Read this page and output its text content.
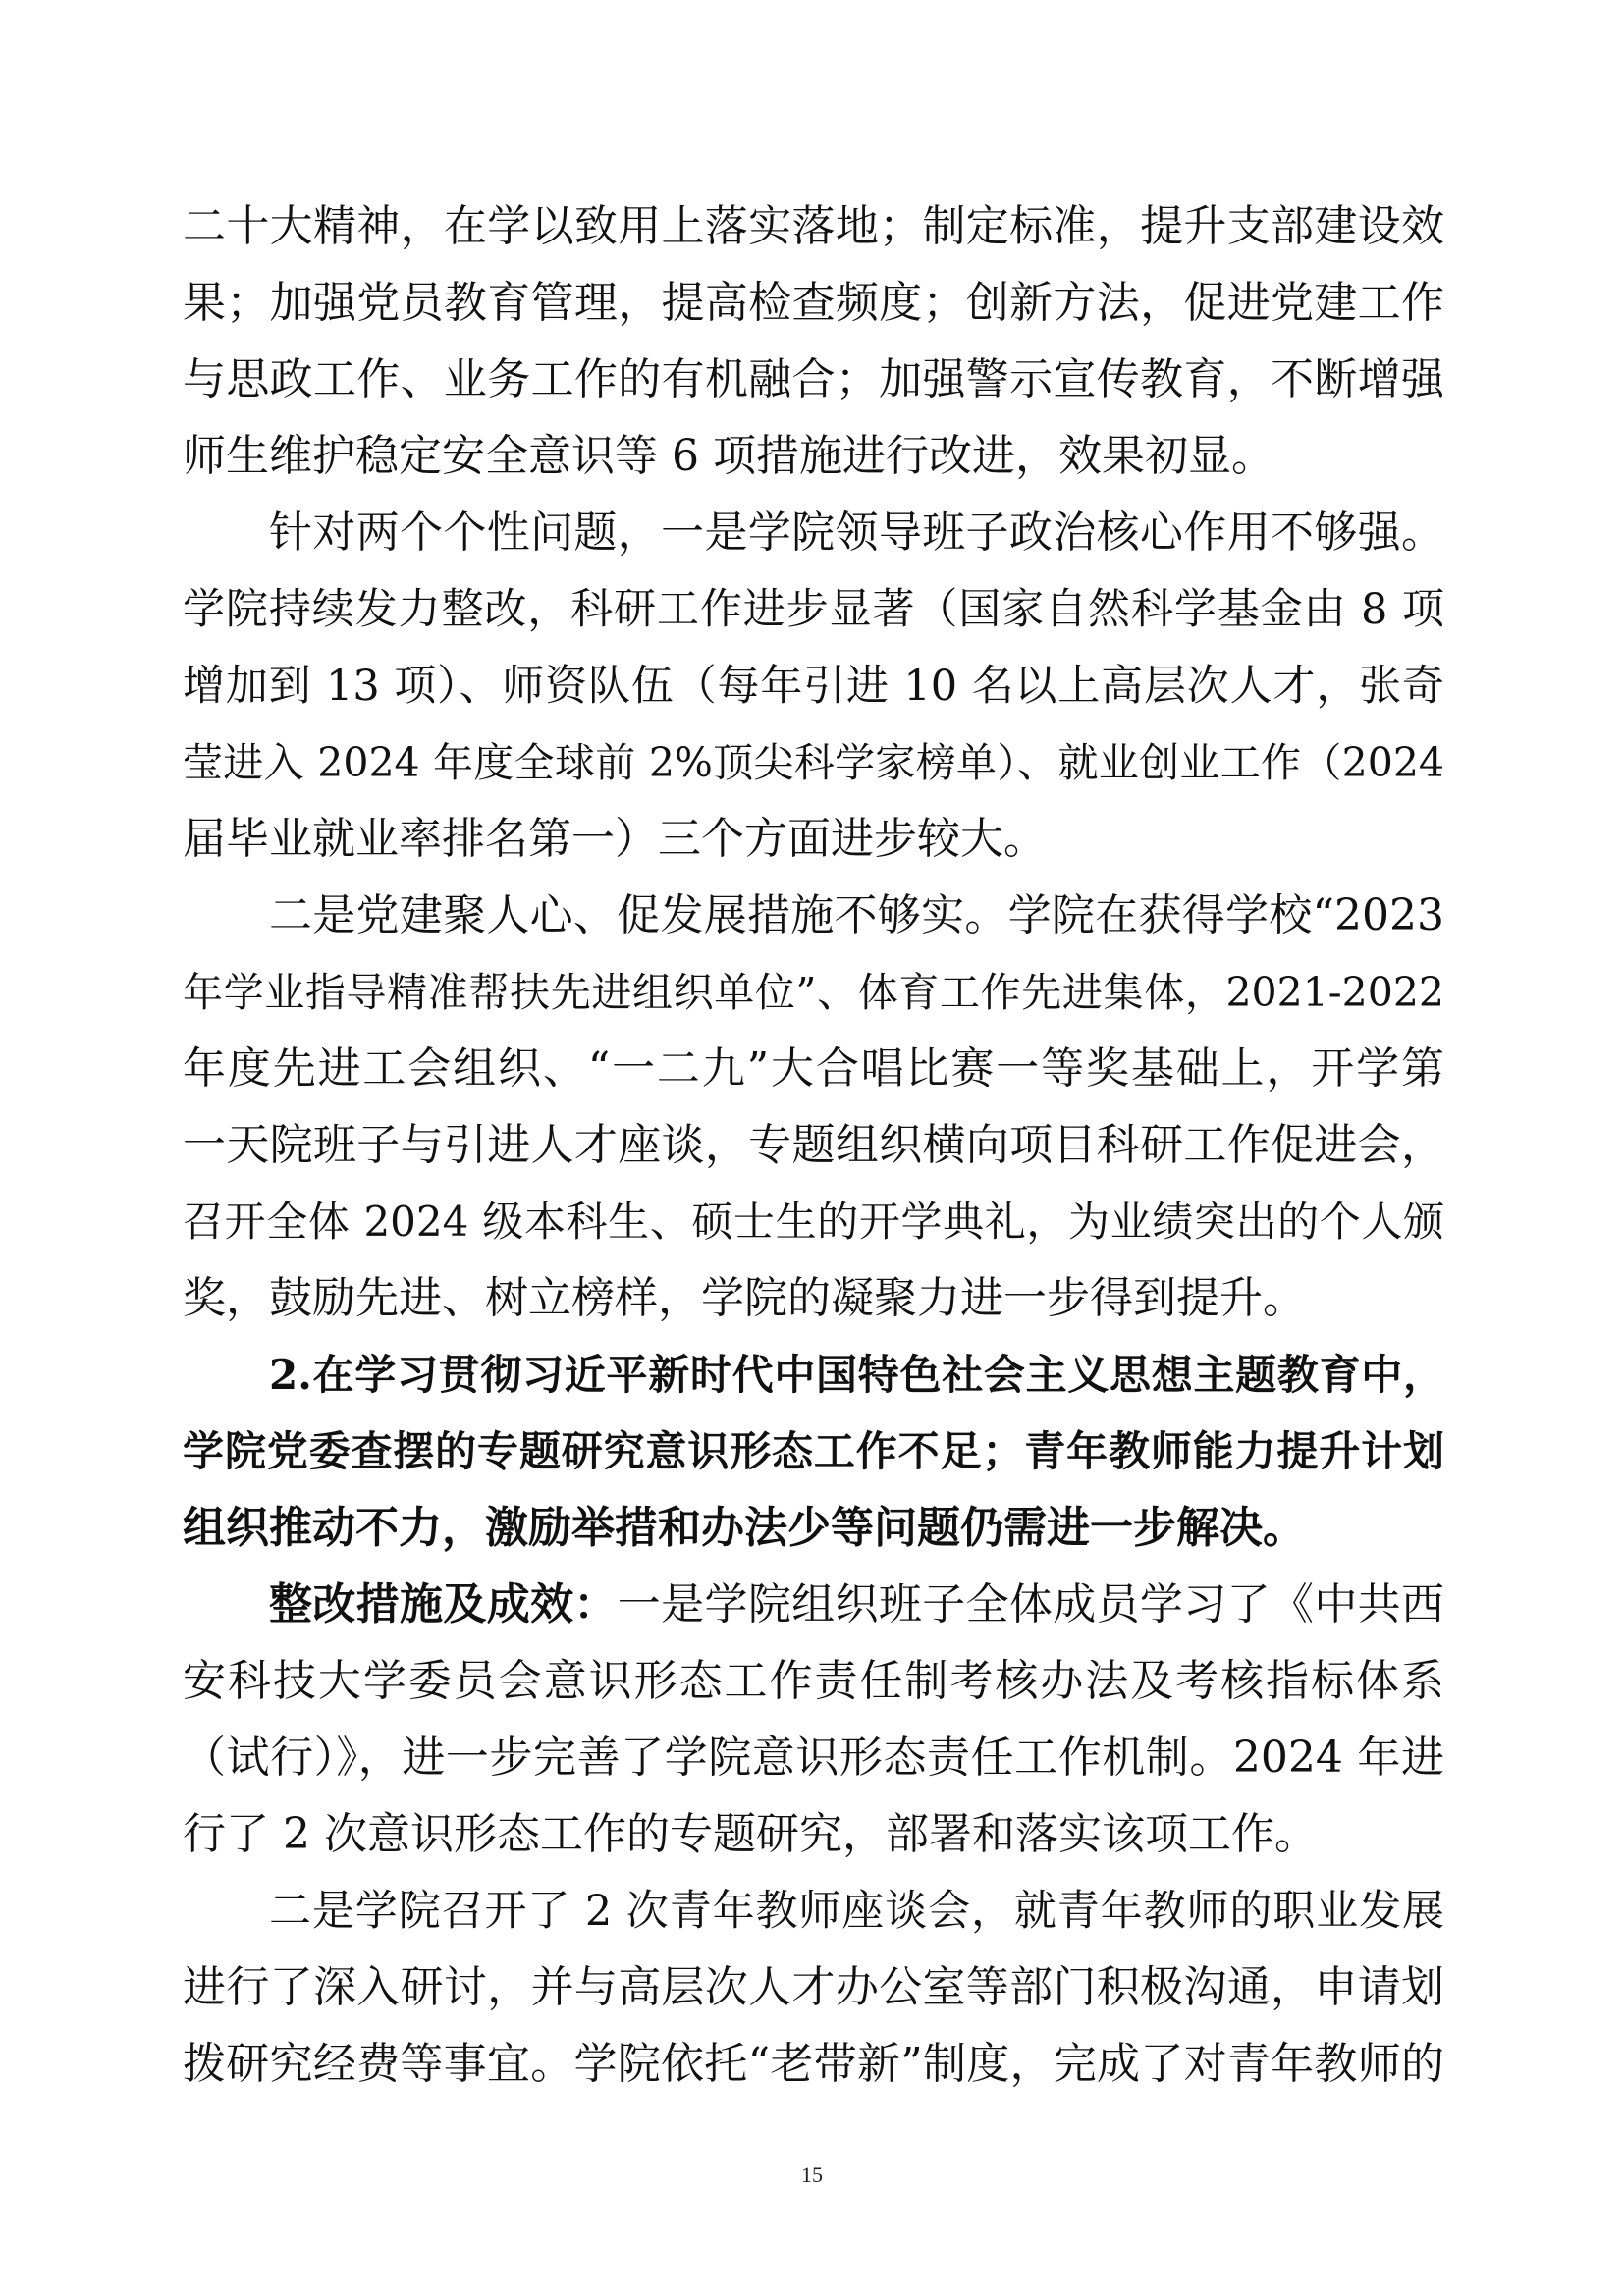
二十大精神，在学以致用上落实落地；制定标准，提升支部建设效
果；加强党员教育管理，提高检查频度；创新方法，促进党建工作
与思政工作、业务工作的有机融合；加强警示宣传教育，不断增强
师生维护稳定安全意识等 6 项措施进行改进，效果初显。
针对两个个性问题，一是学院领导班子政治核心作用不够强。
学院持续发力整改，科研工作进步显著（国家自然科学基金由 8 项
增加到 13 项）、师资队伍（每年引进 10 名以上高层次人才，张奇
莹进入 2024 年度全球前 2%顶尖科学家榜单）、就业创业工作（2024
届毕业就业率排名第一）三个方面进步较大。
二是党建聚人心、促发展措施不够实。学院在获得学校“2023
年学业指导精准帮扶先进组织单位”、体育工作先进集体，2021-2022
年度先进工会组织、“一二九”大合唱比赛一等奖基础上，开学第
一天院班子与引进人才座谈，专题组织横向项目科研工作促进会，
召开全体 2024 级本科生、硕士生的开学典礼，为业绩突出的个人颁
奖，鼓励先进、树立榜样，学院的凝聚力进一步得到提升。
2.在学习贯彻习近平新时代中国特色社会主义思想主题教育中，
学院党委查摆的专题研究意识形态工作不足；青年教师能力提升计划
组织推动不力，激励举措和办法少等问题仍需进一步解决。
整改措施及成效：一是学院组织班子全体成员学习了《中共西
安科技大学委员会意识形态工作责任制考核办法及考核指标体系
（试行）》，进一步完善了学院意识形态责任工作机制。2024 年进
行了 2 次意识形态工作的专题研究，部署和落实该项工作。
二是学院召开了 2 次青年教师座谈会，就青年教师的职业发展
进行了深入研讨，并与高层次人才办公室等部门积极沟通，申请划
拨研究经费等事宜。学院依托“老带新”制度，完成了对青年教师的
15
